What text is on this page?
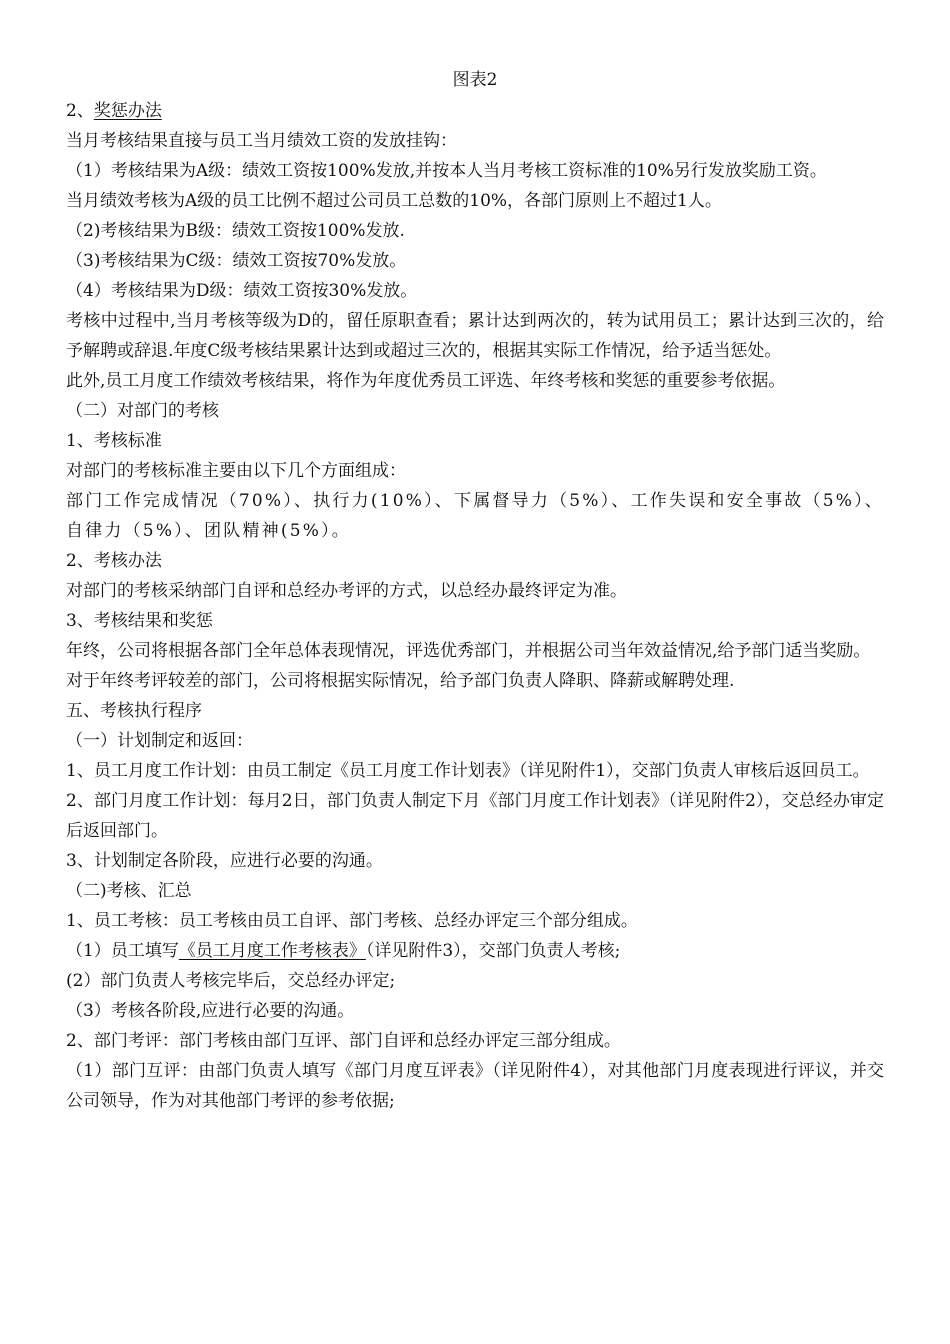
图表2

2、奖惩办法

当月考核结果直接与员工当月绩效工资的发放挂钩：

（1）考核结果为A级：绩效工资按100%发放,并按本人当月考核工资标准的10%另行发放奖励工资。

当月绩效考核为A级的员工比例不超过公司员工总数的10%，各部门原则上不超过1人。

（2)考核结果为B级：绩效工资按100%发放.

（3)考核结果为C级：绩效工资按70%发放。

（4）考核结果为D级：绩效工资按30%发放。

考核中过程中,当月考核等级为D的，留任原职查看；累计达到两次的，转为试用员工；累计达到三次的，给予解聘或辞退.年度C级考核结果累计达到或超过三次的，根据其实际工作情况，给予适当惩处。

此外,员工月度工作绩效考核结果，将作为年度优秀员工评选、年终考核和奖惩的重要参考依据。

（二）对部门的考核

1、考核标准

对部门的考核标准主要由以下几个方面组成：

部门工作完成情况（70%）、执行力(10%）、下属督导力（5%）、工作失误和安全事故（5%）、自律力（5%）、团队精神(5%）。

2、考核办法

对部门的考核采纳部门自评和总经办考评的方式，以总经办最终评定为准。

3、考核结果和奖惩

年终，公司将根据各部门全年总体表现情况，评选优秀部门，并根据公司当年效益情况,给予部门适当奖励。

对于年终考评较差的部门，公司将根据实际情况，给予部门负责人降职、降薪或解聘处理.

五、考核执行程序

（一）计划制定和返回：

1、员工月度工作计划：由员工制定《员工月度工作计划表》（详见附件1），交部门负责人审核后返回员工。

2、部门月度工作计划：每月2日，部门负责人制定下月《部门月度工作计划表》（详见附件2），交总经办审定后返回部门。

3、计划制定各阶段，应进行必要的沟通。

（二)考核、汇总

1、员工考核：员工考核由员工自评、部门考核、总经办评定三个部分组成。

（1）员工填写《员工月度工作考核表》（详见附件3），交部门负责人考核;

(2）部门负责人考核完毕后，交总经办评定;

（3）考核各阶段,应进行必要的沟通。

2、部门考评：部门考核由部门互评、部门自评和总经办评定三部分组成。

（1）部门互评：由部门负责人填写《部门月度互评表》（详见附件4），对其他部门月度表现进行评议，并交公司领导，作为对其他部门考评的参考依据;
